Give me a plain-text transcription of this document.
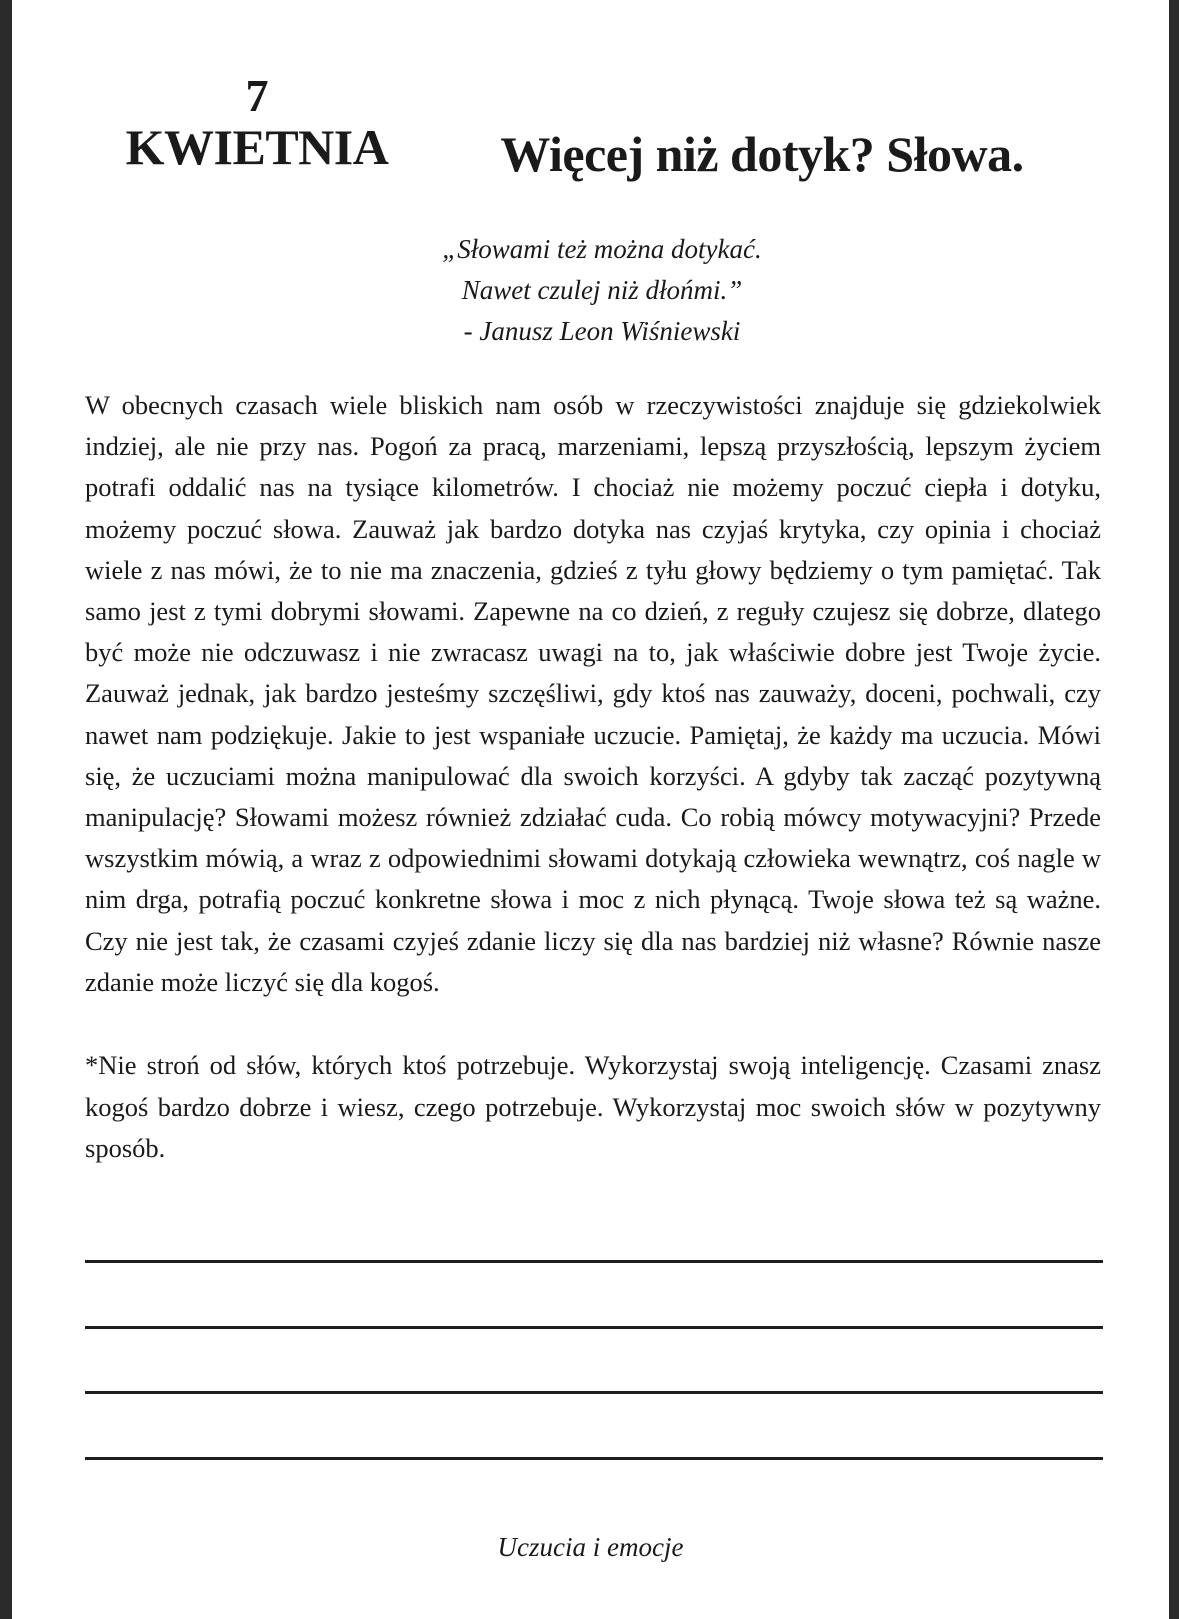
7
KWIETNIA	Więcej niż dotyk? Słowa.
„Słowami też można dotykać.
Nawet czulej niż dłońmi.”
- Janusz Leon Wiśniewski

W obecnych czasach wiele bliskich nam osób w rzeczywistości znajduje się gdziekolwiek indziej, ale nie przy nas. Pogoń za pracą, marzeniami, lepszą przyszłością, lepszym życiem potrafi oddalić nas na tysiące kilometrów. I chociaż nie możemy poczuć ciepła i dotyku, możemy poczuć słowa. Zauważ jak bardzo dotyka nas czyjaś krytyka, czy opinia i chociaż wiele z nas mówi, że to nie ma znaczenia, gdzieś z tyłu głowy będziemy o tym pamiętać. Tak samo jest z tymi dobrymi słowami. Zapewne na co dzień, z reguły czujesz się dobrze, dlatego być może nie odczuwasz i nie zwracasz uwagi na to, jak właściwie dobre jest Twoje życie. Zauważ jednak, jak bardzo jesteśmy szczęśliwi, gdy ktoś nas zauważy, doceni, pochwali, czy nawet nam podziękuje. Jakie to jest wspaniałe uczucie. Pamiętaj, że każdy ma uczucia. Mówi się, że uczuciami można manipulować dla swoich korzyści. A gdyby tak zacząć pozytywną manipulację? Słowami możesz również zdziałać cuda. Co robią mówcy motywacyjni? Przede wszystkim mówią, a wraz z odpowiednimi słowami dotykają człowieka wewnątrz, coś nagle w nim drga, potrafią poczuć konkretne słowa i moc z nich płynącą. Twoje słowa też są ważne. Czy nie jest tak, że czasami czyjeś zdanie liczy się dla nas bardziej niż własne? Równie nasze zdanie może liczyć się dla kogoś.

*Nie stroń od słów, których ktoś potrzebuje. Wykorzystaj swoją inteligencję. Czasami znasz kogoś bardzo dobrze i wiesz, czego potrzebuje. Wykorzystaj moc swoich słów w pozytywny sposób.

Uczucia i emocje
